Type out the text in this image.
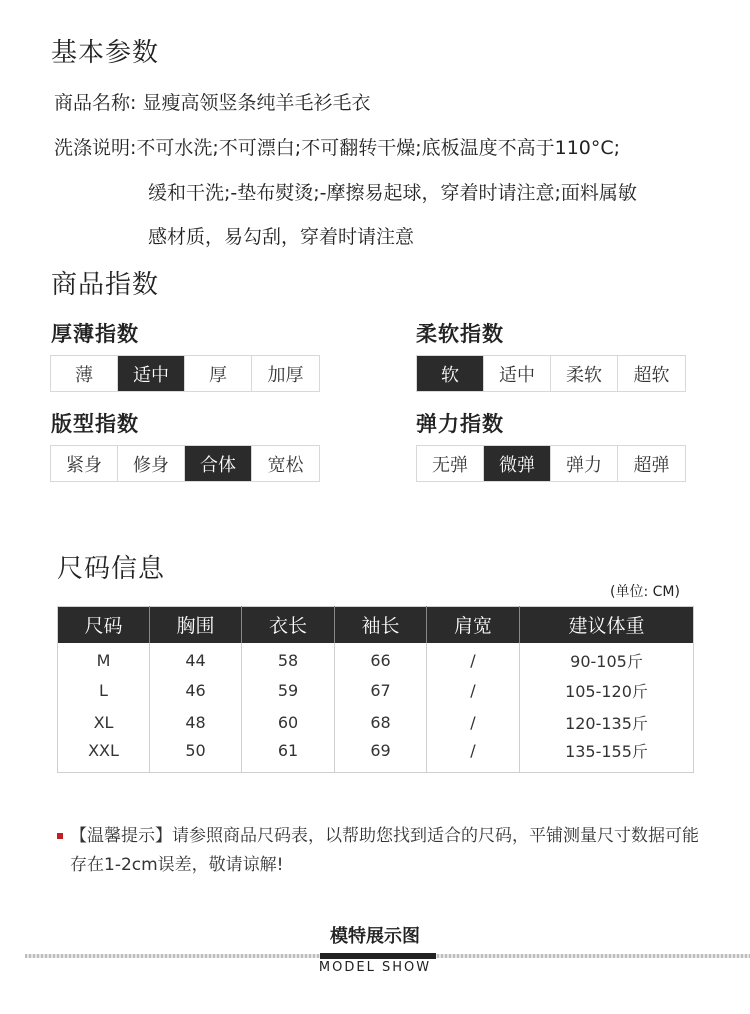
基本参数
商品名称: 显瘦高领竖条纯羊毛衫毛衣
洗涤说明:不可水洗;不可漂白;不可翻转干燥;底板温度不高于110°C;
缓和干洗;-垫布熨烫;-摩擦易起球，穿着时请注意;面料属敏
感材质，易勾刮，穿着时请注意
商品指数
厚薄指数
薄	适中	厚	加厚
柔软指数
软	适中	柔软	超软
版型指数
紧身	修身	合体	宽松
弹力指数
无弹	微弹	弹力	超弹
尺码信息
(单位: CM)
尺码	胸围	衣长	袖长	肩宽	建议体重
M	44	58	66	/	90-105斤
L	46	59	67	/	105-120斤
XL	48	60	68	/	120-135斤
XXL	50	61	69	/	135-155斤
【温馨提示】请参照商品尺码表，以帮助您找到适合的尺码，平铺测量尺寸数据可能存在1-2cm误差，敬请谅解!
模特展示图
MODEL SHOW
